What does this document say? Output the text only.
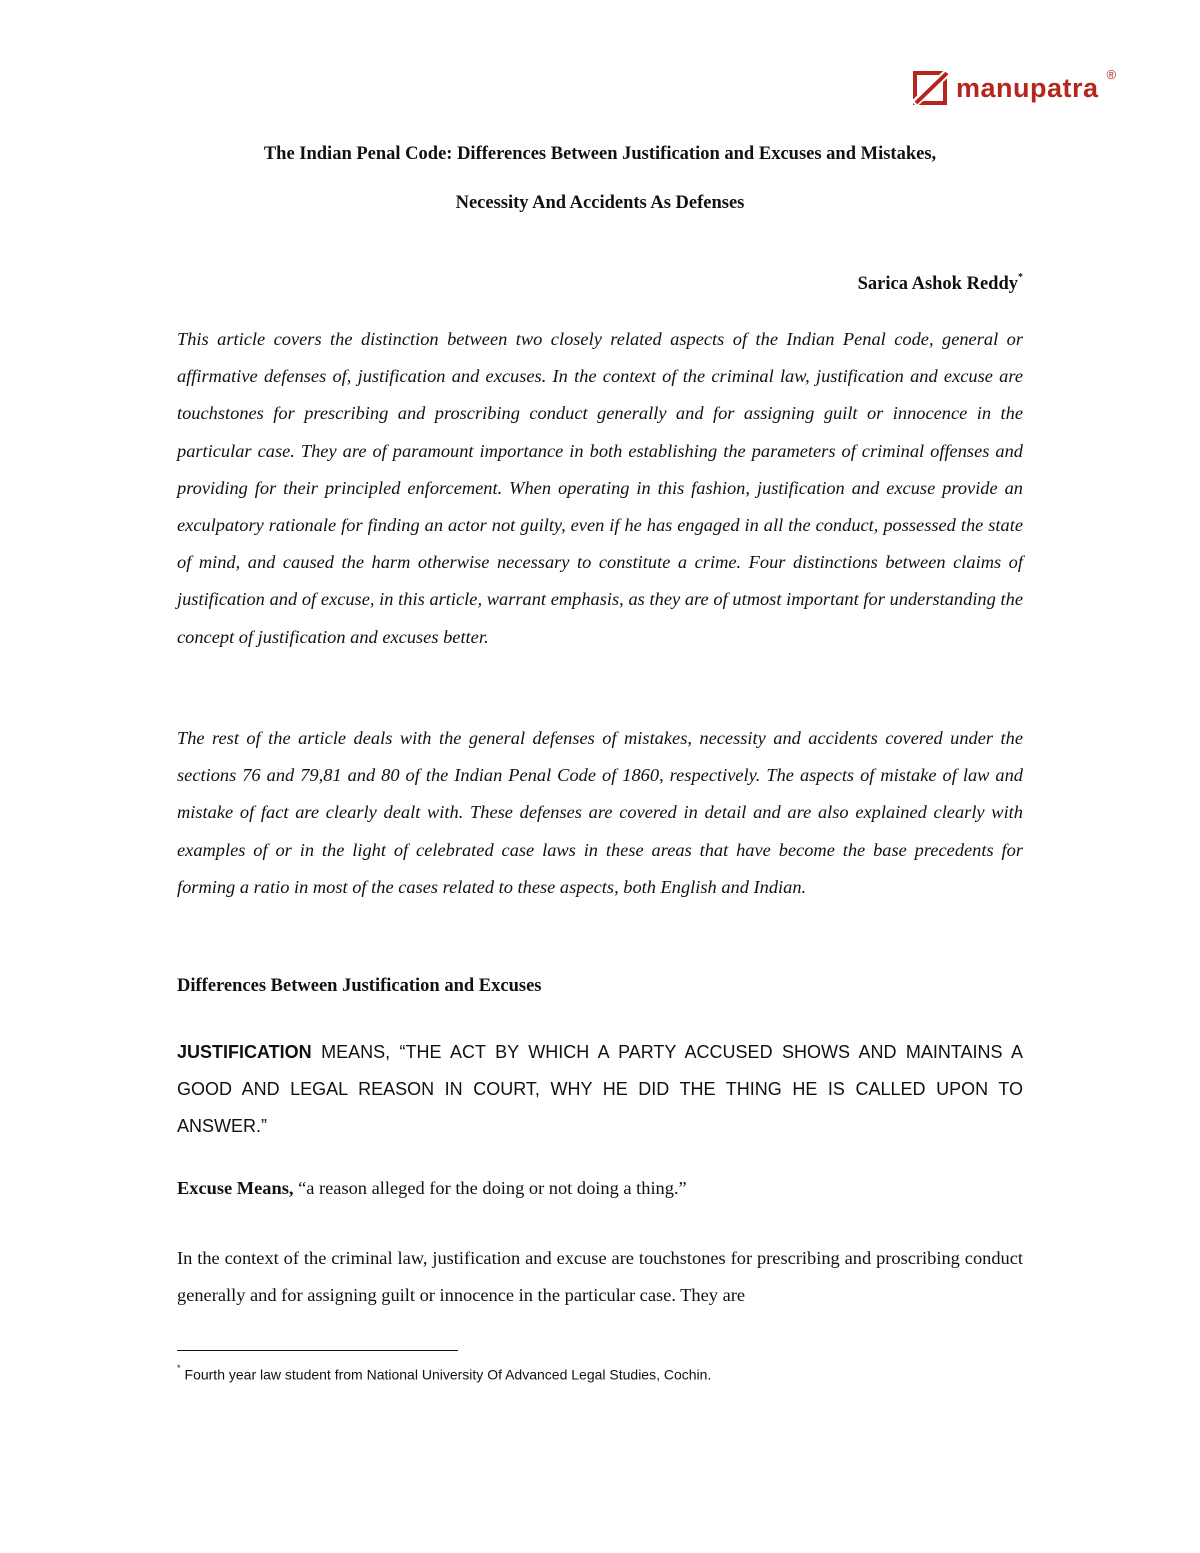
manupatra ®
The Indian Penal Code: Differences Between Justification and Excuses and Mistakes,
Necessity And Accidents As Defenses
Sarica Ashok Reddy*

This article covers the distinction between two closely related aspects of the Indian Penal code, general or affirmative defenses of, justification and excuses. In the context of the criminal law, justification and excuse are touchstones for prescribing and proscribing conduct generally and for assigning guilt or innocence in the particular case. They are of paramount importance in both establishing the parameters of criminal offenses and providing for their principled enforcement. When operating in this fashion, justification and excuse provide an exculpatory rationale for finding an actor not guilty, even if he has engaged in all the conduct, possessed the state of mind, and caused the harm otherwise necessary to constitute a crime. Four distinctions between claims of justification and of excuse, in this article, warrant emphasis, as they are of utmost important for understanding the concept of justification and excuses better.

The rest of the article deals with the general defenses of mistakes, necessity and accidents covered under the sections 76 and 79,81 and 80 of the Indian Penal Code of 1860, respectively. The aspects of mistake of law and mistake of fact are clearly dealt with. These defenses are covered in detail and are also explained clearly with examples of or in the light of celebrated case laws in these areas that have become the base precedents for forming a ratio in most of the cases related to these aspects, both English and Indian.

Differences Between Justification and Excuses

JUSTIFICATION MEANS, “THE ACT BY WHICH A PARTY ACCUSED SHOWS AND MAINTAINS A GOOD AND LEGAL REASON IN COURT, WHY HE DID THE THING HE IS CALLED UPON TO ANSWER.”

Excuse Means, “a reason alleged for the doing or not doing a thing.”

In the context of the criminal law, justification and excuse are touchstones for prescribing and proscribing conduct generally and for assigning guilt or innocence in the particular case. They are

* Fourth year law student from National University Of Advanced Legal Studies, Cochin.
